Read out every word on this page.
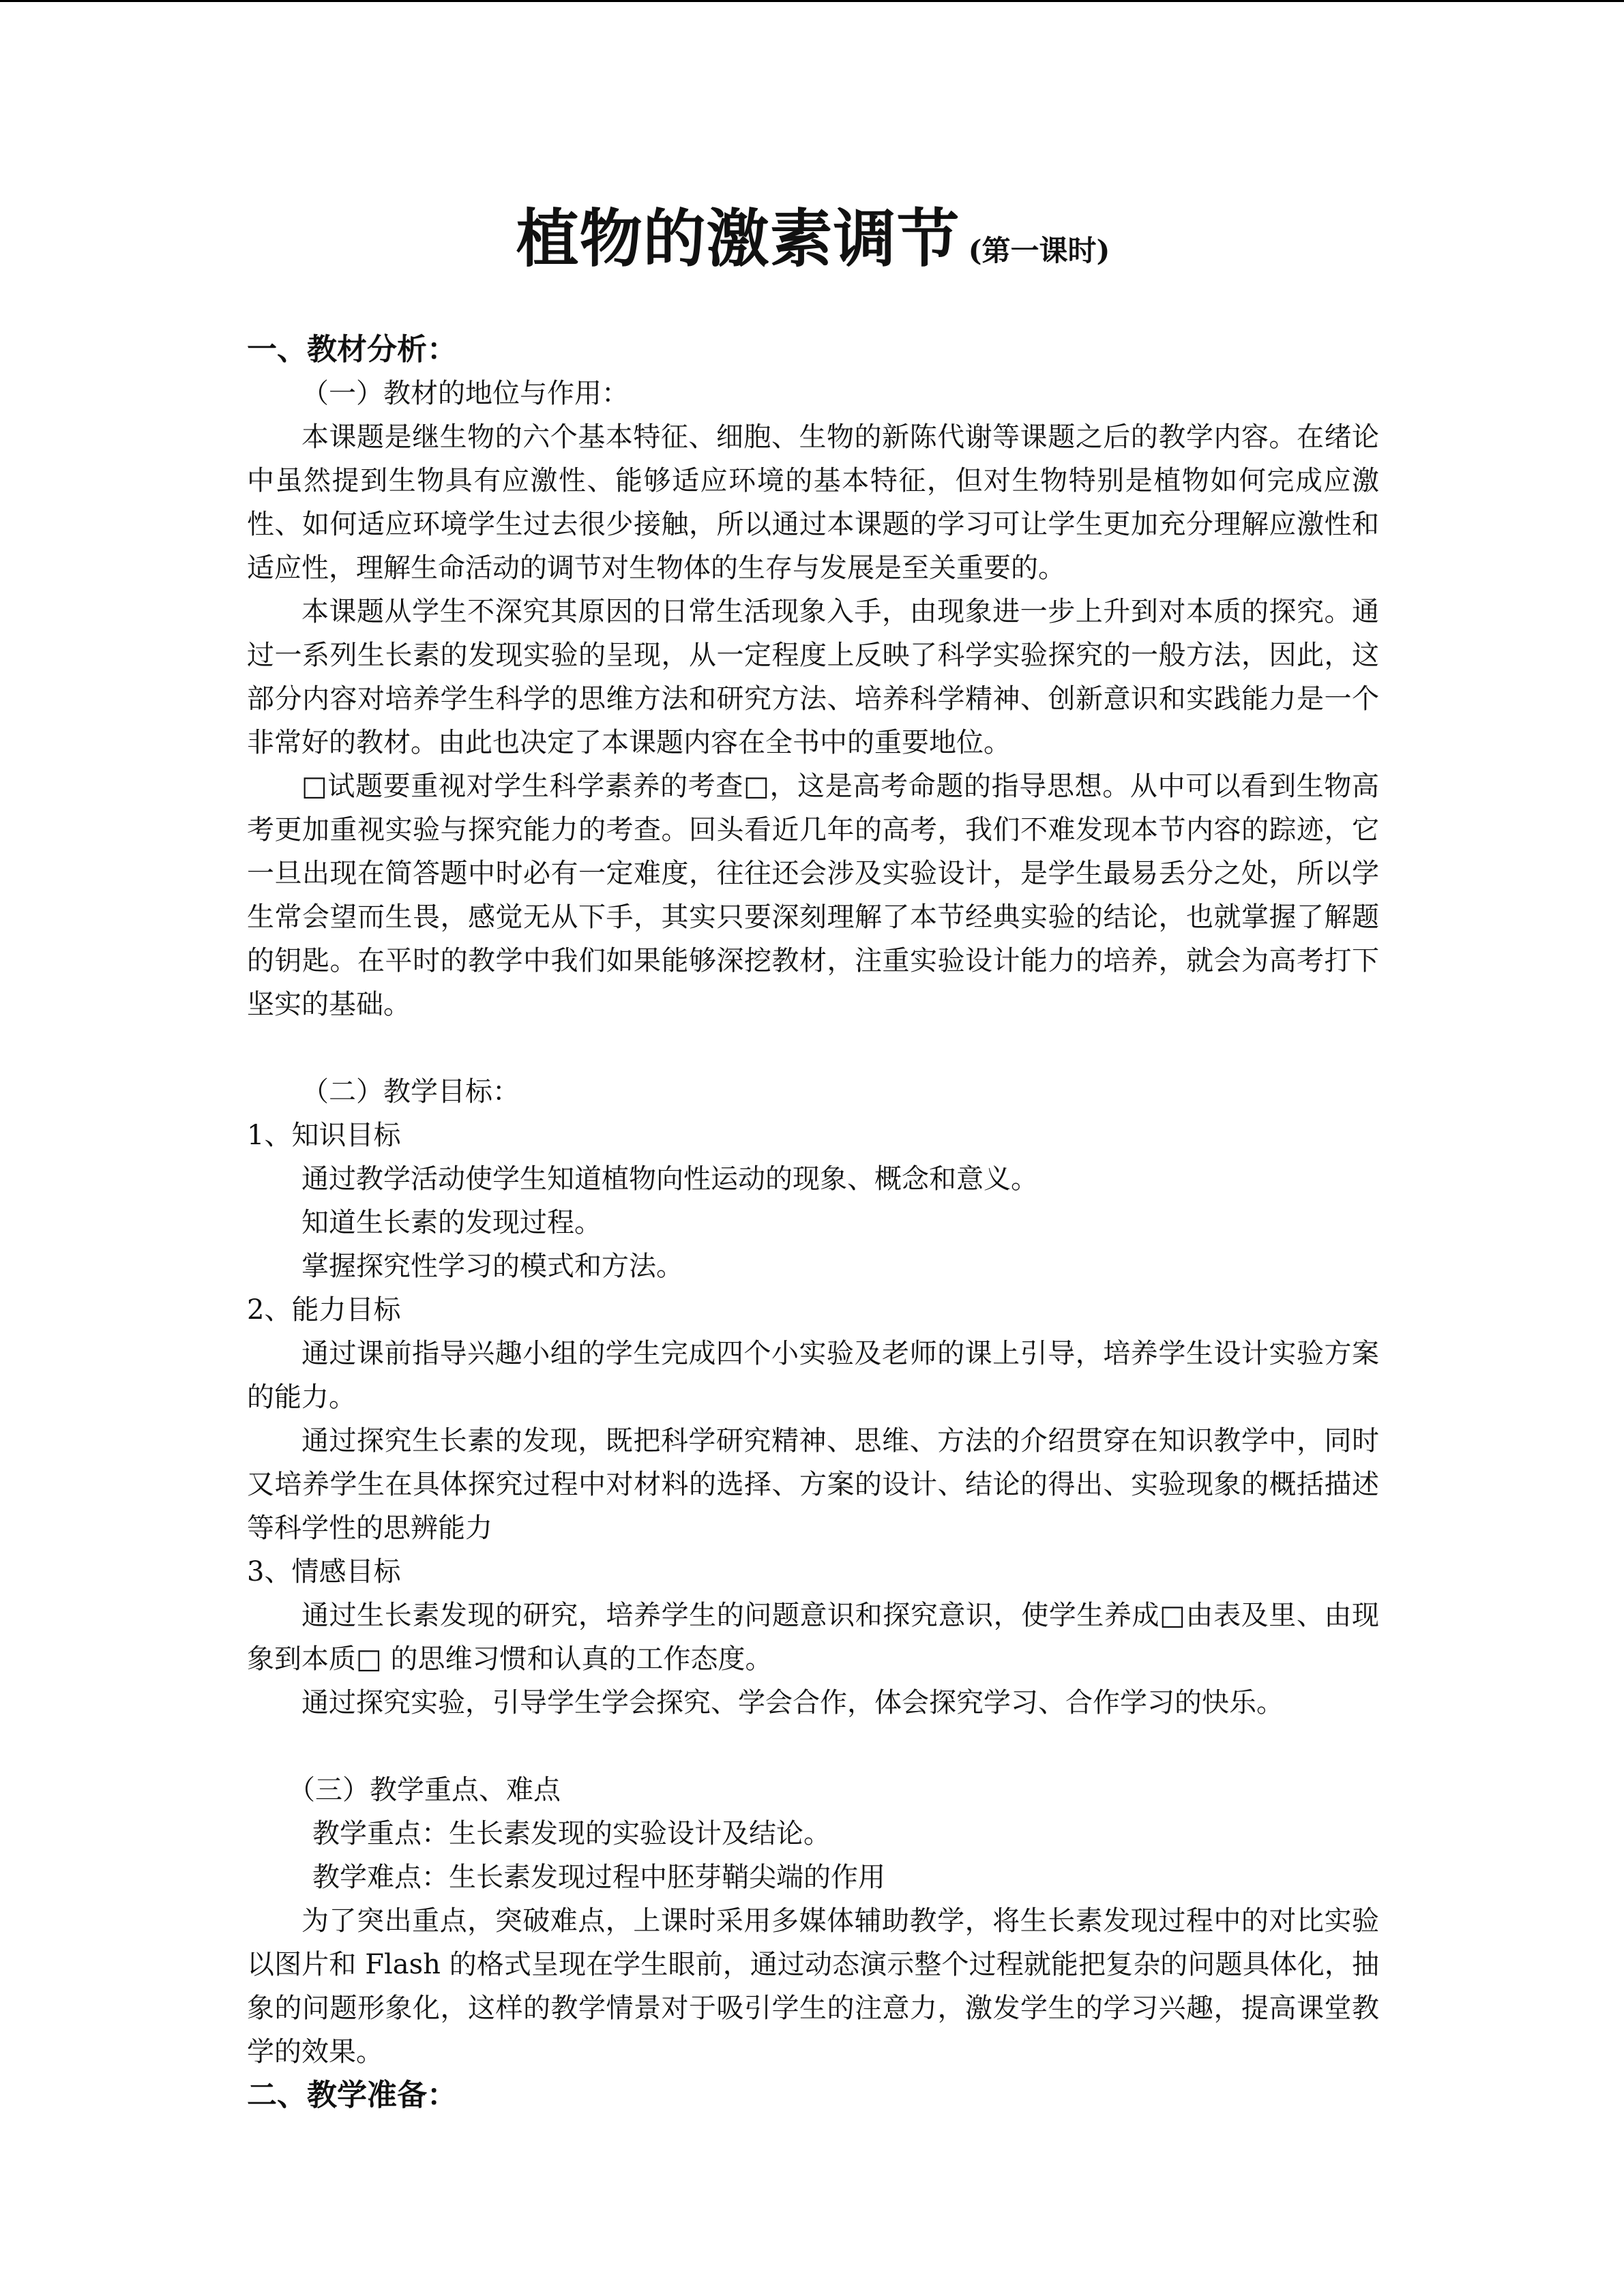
植物的激素调节 (第一课时)
一、教材分析：

（一）教材的地位与作用：

本课题是继生物的六个基本特征、细胞、生物的新陈代谢等课题之后的教学内容。在绪论中虽然提到生物具有应激性、能够适应环境的基本特征，但对生物特别是植物如何完成应激性、如何适应环境学生过去很少接触，所以通过本课题的学习可让学生更加充分理解应激性和适应性，理解生命活动的调节对生物体的生存与发展是至关重要的。

本课题从学生不深究其原因的日常生活现象入手，由现象进一步上升到对本质的探究。通过一系列生长素的发现实验的呈现，从一定程度上反映了科学实验探究的一般方法，因此，这部分内容对培养学生科学的思维方法和研究方法、培养科学精神、创新意识和实践能力是一个非常好的教材。由此也决定了本课题内容在全书中的重要地位。

□试题要重视对学生科学素养的考查□，这是高考命题的指导思想。从中可以看到生物高考更加重视实验与探究能力的考查。回头看近几年的高考，我们不难发现本节内容的踪迹，它一旦出现在简答题中时必有一定难度，往往还会涉及实验设计，是学生最易丢分之处，所以学生常会望而生畏，感觉无从下手，其实只要深刻理解了本节经典实验的结论，也就掌握了解题的钥匙。在平时的教学中我们如果能够深挖教材，注重实验设计能力的培养，就会为高考打下坚实的基础。

（二）教学目标：

1、知识目标

通过教学活动使学生知道植物向性运动的现象、概念和意义。

知道生长素的发现过程。

掌握探究性学习的模式和方法。

2、能力目标

通过课前指导兴趣小组的学生完成四个小实验及老师的课上引导，培养学生设计实验方案的能力。

通过探究生长素的发现，既把科学研究精神、思维、方法的介绍贯穿在知识教学中，同时又培养学生在具体探究过程中对材料的选择、方案的设计、结论的得出、实验现象的概括描述等科学性的思辨能力

3、情感目标

通过生长素发现的研究，培养学生的问题意识和探究意识，使学生养成□由表及里、由现象到本质□ 的思维习惯和认真的工作态度。

通过探究实验，引导学生学会探究、学会合作，体会探究学习、合作学习的快乐。

（三）教学重点、难点

教学重点：生长素发现的实验设计及结论。

教学难点：生长素发现过程中胚芽鞘尖端的作用

为了突出重点，突破难点，上课时采用多媒体辅助教学，将生长素发现过程中的对比实验以图片和 Flash 的格式呈现在学生眼前，通过动态演示整个过程就能把复杂的问题具体化，抽象的问题形象化，这样的教学情景对于吸引学生的注意力，激发学生的学习兴趣，提高课堂教学的效果。

二、教学准备：
